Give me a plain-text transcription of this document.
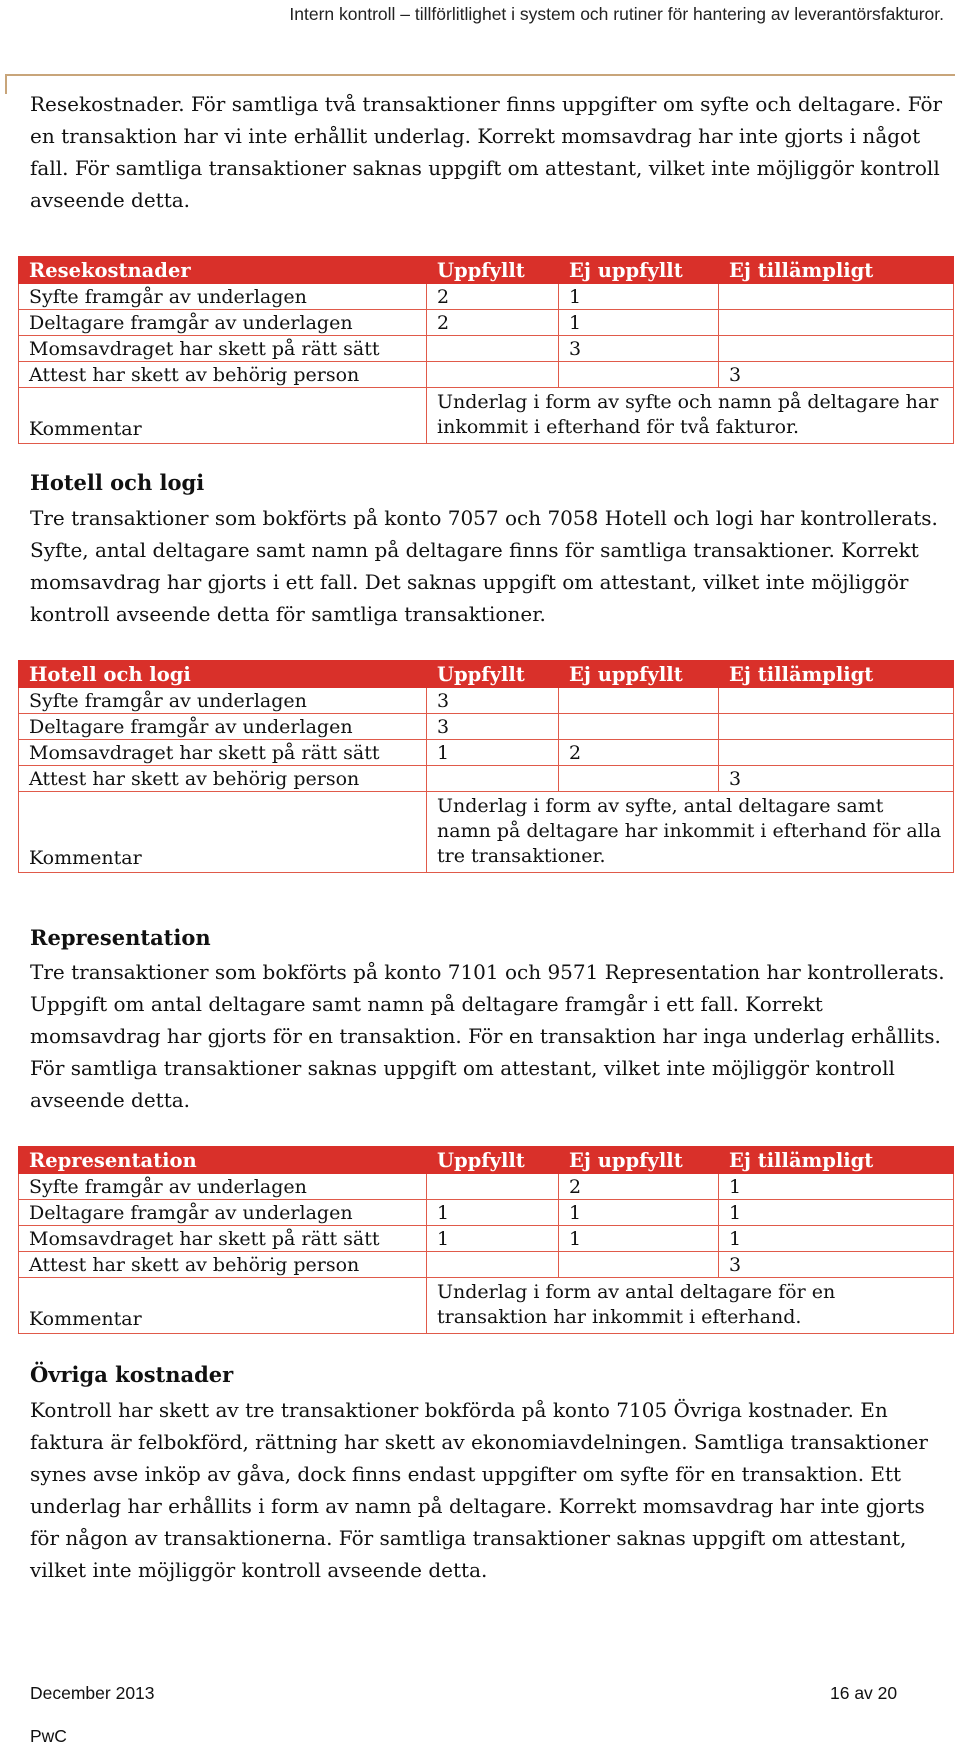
Intern kontroll – tillförlitlighet i system och rutiner för hantering av leverantörsfakturor.

Resekostnader. För samtliga två transaktioner finns uppgifter om syfte och deltagare. För en transaktion har vi inte erhållit underlag. Korrekt momsavdrag har inte gjorts i något fall. För samtliga transaktioner saknas uppgift om attestant, vilket inte möjliggör kontroll avseende detta.

Resekostnader	Uppfyllt	Ej uppfyllt	Ej tillämpligt
Syfte framgår av underlagen	2	1	
Deltagare framgår av underlagen	2	1	
Momsavdraget har skett på rätt sätt		3	
Attest har skett av behörig person			3
Kommentar	Underlag i form av syfte och namn på deltagare har inkommit i efterhand för två fakturor.		
Hotell och logi

Tre transaktioner som bokförts på konto 7057 och 7058 Hotell och logi har kontrollerats. Syfte, antal deltagare samt namn på deltagare finns för samtliga transaktioner. Korrekt momsavdrag har gjorts i ett fall. Det saknas uppgift om attestant, vilket inte möjliggör kontroll avseende detta för samtliga transaktioner.

Hotell och logi	Uppfyllt	Ej uppfyllt	Ej tillämpligt
Syfte framgår av underlagen	3		
Deltagare framgår av underlagen	3		
Momsavdraget har skett på rätt sätt	1	2	
Attest har skett av behörig person			3
Kommentar	Underlag i form av syfte, antal deltagare samt namn på deltagare har inkommit i efterhand för alla tre transaktioner.		
Representation

Tre transaktioner som bokförts på konto 7101 och 9571 Representation har kontrollerats. Uppgift om antal deltagare samt namn på deltagare framgår i ett fall. Korrekt momsavdrag har gjorts för en transaktion. För en transaktion har inga underlag erhållits. För samtliga transaktioner saknas uppgift om attestant, vilket inte möjliggör kontroll avseende detta.

Representation	Uppfyllt	Ej uppfyllt	Ej tillämpligt
Syfte framgår av underlagen		2	1
Deltagare framgår av underlagen	1	1	1
Momsavdraget har skett på rätt sätt	1	1	1
Attest har skett av behörig person			3
Kommentar	Underlag i form av antal deltagare för en transaktion har inkommit i efterhand.		
Övriga kostnader

Kontroll har skett av tre transaktioner bokförda på konto 7105 Övriga kostnader. En faktura är felbokförd, rättning har skett av ekonomiavdelningen. Samtliga transaktioner synes avse inköp av gåva, dock finns endast uppgifter om syfte för en transaktion. Ett underlag har erhållits i form av namn på deltagare. Korrekt momsavdrag har inte gjorts för någon av transaktionerna. För samtliga transaktioner saknas uppgift om attestant, vilket inte möjliggör kontroll avseende detta.

December 2013	16 av 20
PwC
